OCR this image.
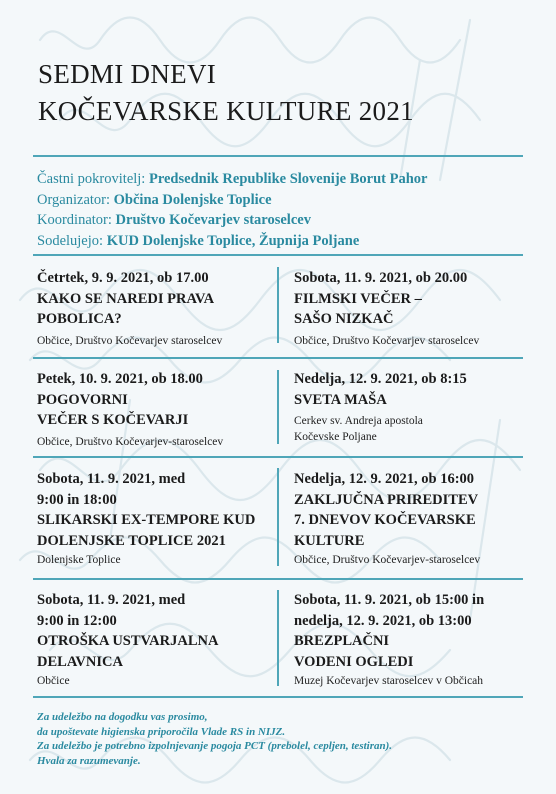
SEDMI DNEVI
KOČEVARSKE KULTURE 2021
Častni pokrovitelj: Predsednik Republike Slovenije Borut Pahor
Organizator: Občina Dolenjske Toplice
Koordinator: Društvo Kočevarjev staroselcev
Sodelujejo: KUD Dolenjske Toplice, Župnija Poljane
Četrtek, 9. 9. 2021, ob 17.00
KAKO SE NAREDI PRAVA
POBOLICA?
Občice, Društvo Kočevarjev staroselcev
Sobota, 11. 9. 2021, ob 20.00
FILMSKI VEČER –
SAŠO NIZKAČ
Občice, Društvo Kočevarjev staroselcev
Petek, 10. 9. 2021, ob 18.00
POGOVORNI
VEČER S KOČEVARJI
Občice, Društvo Kočevarjev-staroselcev
Nedelja, 12. 9. 2021, ob 8:15
SVETA MAŠA
Cerkev sv. Andreja apostola
Kočevske Poljane
Sobota, 11. 9. 2021, med
9:00 in 18:00
SLIKARSKI EX-TEMPORE KUD
DOLENJSKE TOPLICE 2021
Dolenjske Toplice
Nedelja, 12. 9. 2021, ob 16:00
ZAKLJUČNA PRIREDITEV
7. DNEVOV KOČEVARSKE
KULTURE
Občice, Društvo Kočevarjev-staroselcev
Sobota, 11. 9. 2021, med
9:00 in 12:00
OTROŠKA USTVARJALNA
DELAVNICA
Občice
Sobota, 11. 9. 2021, ob 15:00 in
nedelja, 12. 9. 2021, ob 13:00
BREZPLAČNI
VODENI OGLEDI
Muzej Kočevarjev staroselcev v Občicah
Za udeležbo na dogodku vas prosimo,
da upoštevate higienska priporočila Vlade RS in NIJZ.
Za udeležbo je potrebno izpolnjevanje pogoja PCT (prebolel, cepljen, testiran).
Hvala za razumevanje.
